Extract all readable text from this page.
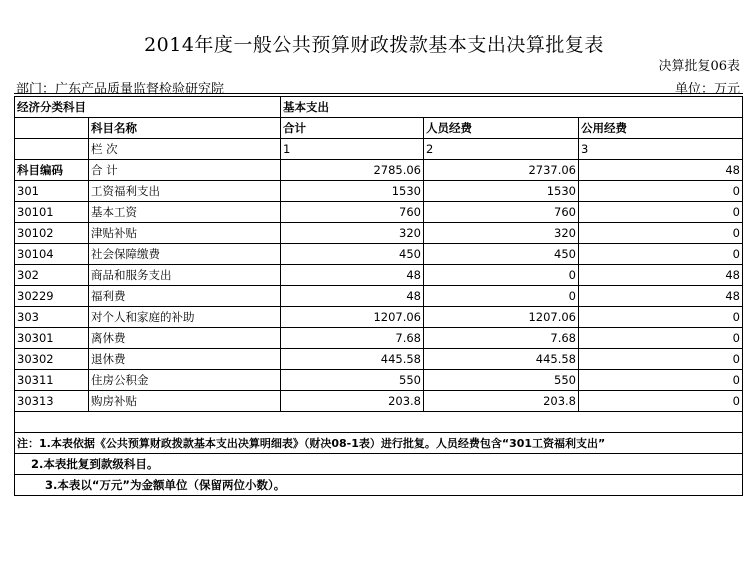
2014年度一般公共预算财政拨款基本支出决算批复表
决算批复06表
部门：广东产品质量监督检验研究院	单位：万元
经济分类科目		基本支出		
	科目名称	合计	人员经费	公用经费
	栏 次	1	2	3
科目编码	合 计	2785.06	2737.06	48
301	工资福利支出	1530	1530	0
30101	基本工资	760	760	0
30102	津贴补贴	320	320	0
30104	社会保障缴费	450	450	0
302	商品和服务支出	48	0	48
30229	福利费	48	0	48
303	对个人和家庭的补助	1207.06	1207.06	0
30301	离休费	7.68	7.68	0
30302	退休费	445.58	445.58	0
30311	住房公积金	550	550	0
30313	购房补贴	203.8	203.8	0

注：1.本表依据《公共预算财政拨款基本支出决算明细表》（财决08-1表）进行批复。人员经费包含“301工资福利支出”				
2.本表批复到款级科目。				
3.本表以“万元”为金额单位（保留两位小数）。				
